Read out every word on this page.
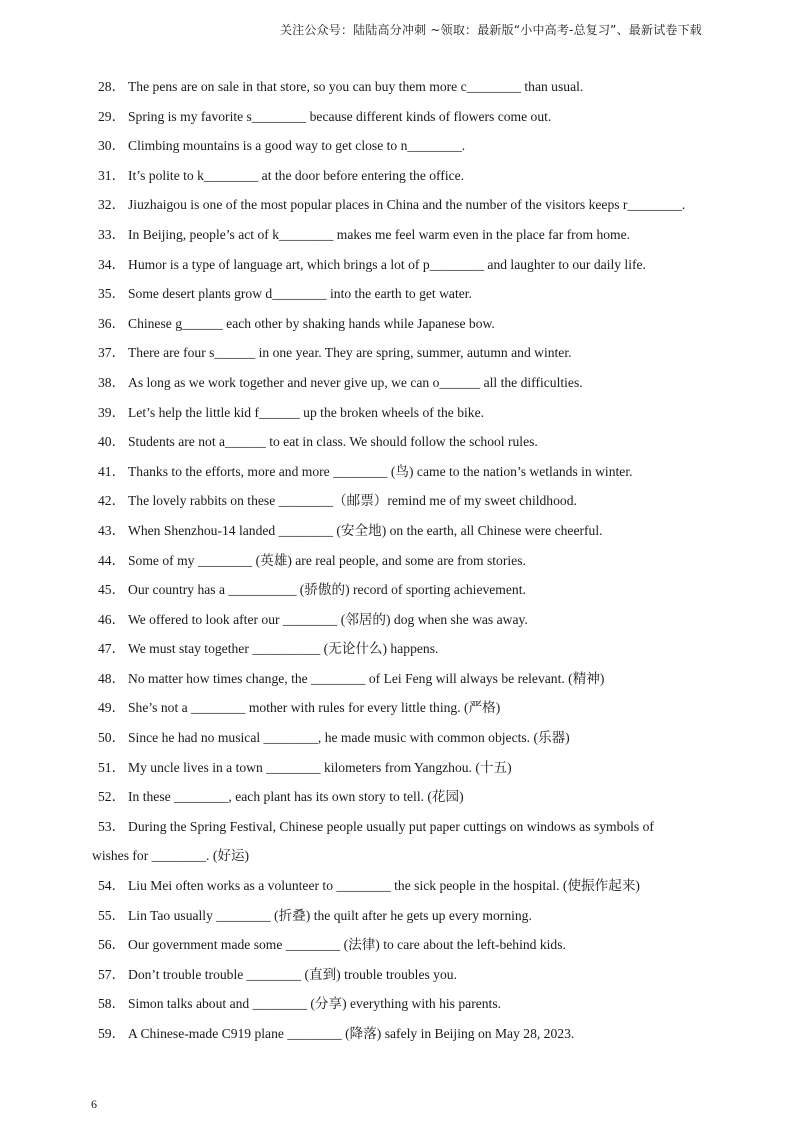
关注公众号：陆陆高分冲刺 ~领取：最新版“小中高考-总复习”、最新试卷下载
28． The pens are on sale in that store, so you can buy them more c________ than usual.
29． Spring is my favorite s________ because different kinds of flowers come out.
30． Climbing mountains is a good way to get close to n________.
31． It’s polite to k________ at the door before entering the office.
32． Jiuzhaigou is one of the most popular places in China and the number of the visitors keeps r________.
33． In Beijing, people’s act of k________ makes me feel warm even in the place far from home.
34． Humor is a type of language art, which brings a lot of p________ and laughter to our daily life.
35． Some desert plants grow d________ into the earth to get water.
36． Chinese g______ each other by shaking hands while Japanese bow.
37． There are four s______ in one year. They are spring, summer, autumn and winter.
38． As long as we work together and never give up, we can o______ all the difficulties.
39． Let’s help the little kid f______ up the broken wheels of the bike.
40． Students are not a______ to eat in class. We should follow the school rules.
41． Thanks to the efforts, more and more ________ (鸟) came to the nation’s wetlands in winter.
42． The lovely rabbits on these ________（邮票）remind me of my sweet childhood.
43． When Shenzhou-14 landed ________ (安全地) on the earth, all Chinese were cheerful.
44． Some of my ________ (英雄) are real people, and some are from stories.
45． Our country has a __________ (骄傲的) record of sporting achievement.
46． We offered to look after our ________ (邻居的) dog when she was away.
47． We must stay together __________ (无论什么) happens.
48． No matter how times change, the ________ of Lei Feng will always be relevant. (精神)
49． She’s not a ________ mother with rules for every little thing. (严格)
50． Since he had no musical ________, he made music with common objects. (乐器)
51． My uncle lives in a town ________ kilometers from Yangzhou. (十五)
52． In these ________, each plant has its own story to tell. (花园)
53． During the Spring Festival, Chinese people usually put paper cuttings on windows as symbols of
wishes for ________. (好运)
54． Liu Mei often works as a volunteer to ________ the sick people in the hospital. (使振作起来)
55． Lin Tao usually ________ (折叠) the quilt after he gets up every morning.
56． Our government made some ________ (法律) to care about the left-behind kids.
57． Don’t trouble trouble ________ (直到) trouble troubles you.
58． Simon talks about and ________ (分享) everything with his parents.
59． A Chinese-made C919 plane ________ (降落) safely in Beijing on May 28, 2023.
6
